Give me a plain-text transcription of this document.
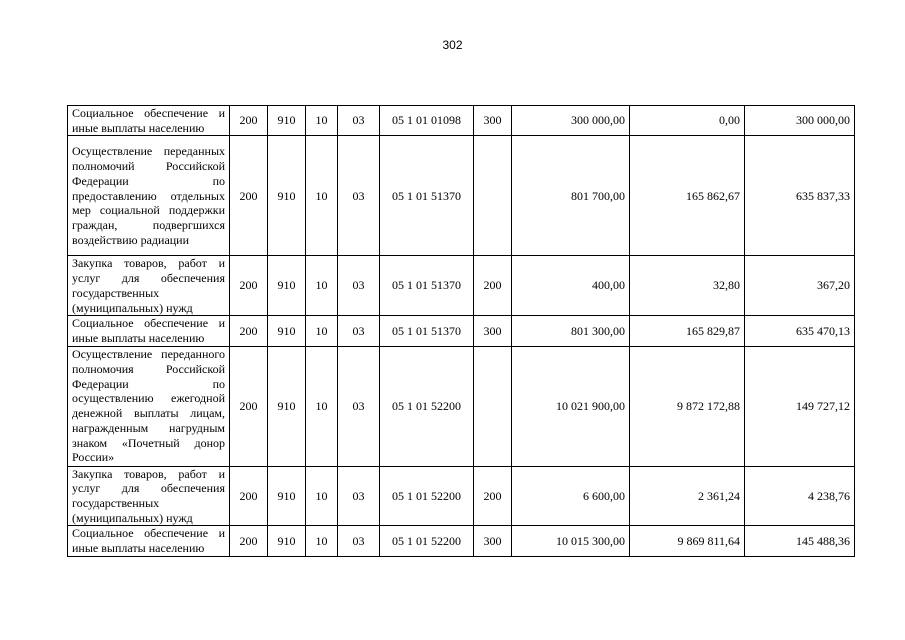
302
Социальное обеспечение и иные выплаты населению	200	910	10	03	05 1 01 01098	300	300 000,00	0,00	300 000,00
Осуществление переданных полномочий Российской Федерации по предоставлению отдельных мер социальной поддержки граждан, подвергшихся воздействию радиации	200	910	10	03	05 1 01 51370		801 700,00	165 862,67	635 837,33
Закупка товаров, работ и услуг для обеспечения государственных (муниципальных) нужд	200	910	10	03	05 1 01 51370	200	400,00	32,80	367,20
Социальное обеспечение и иные выплаты населению	200	910	10	03	05 1 01 51370	300	801 300,00	165 829,87	635 470,13
Осуществление переданного полномочия Российской Федерации по осуществлению ежегодной денежной выплаты лицам, награжденным нагрудным знаком «Почетный донор России»	200	910	10	03	05 1 01 52200		10 021 900,00	9 872 172,88	149 727,12
Закупка товаров, работ и услуг для обеспечения государственных (муниципальных) нужд	200	910	10	03	05 1 01 52200	200	6 600,00	2 361,24	4 238,76
Социальное обеспечение и иные выплаты населению	200	910	10	03	05 1 01 52200	300	10 015 300,00	9 869 811,64	145 488,36
